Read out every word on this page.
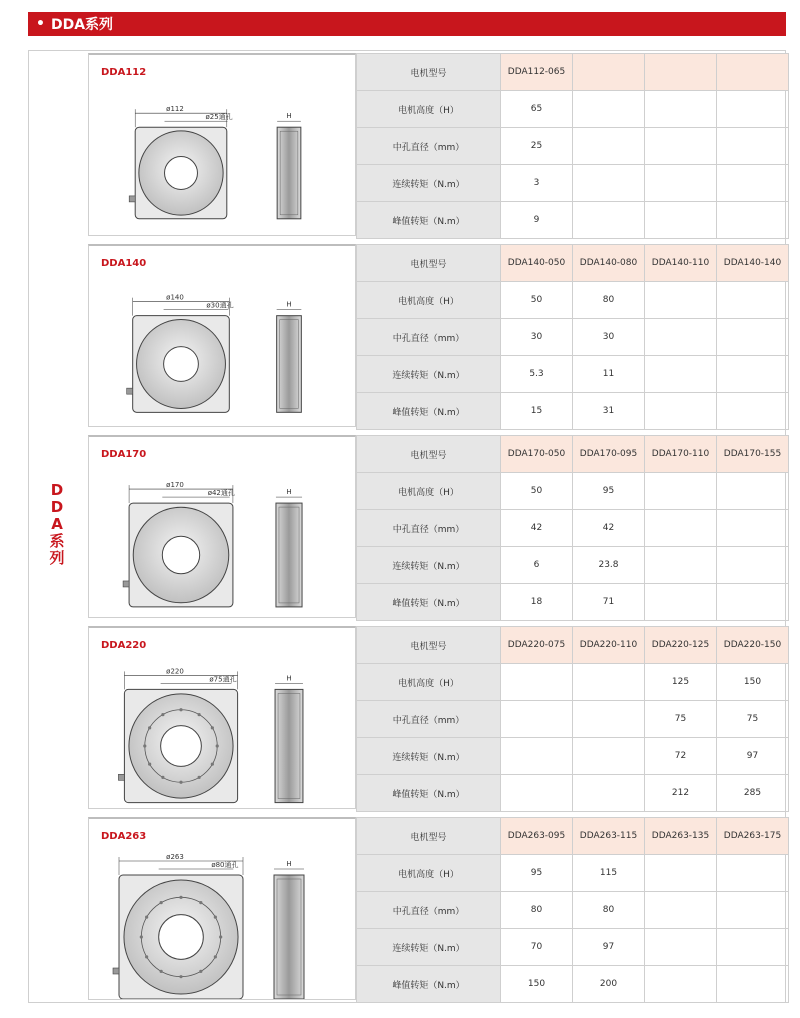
• DDA系列
D
D
A
系
列
DDA112
ø112
ø25通孔	H
电机型号	DDA112-065			
电机高度（H）	65			
中孔直径（mm）	25			
连续转矩（N.m）	3			
峰值转矩（N.m）	9			
DDA140
ø140
ø30通孔	H
电机型号	DDA140-050	DDA140-080	DDA140-110	DDA140-140
电机高度（H）	50	80		
中孔直径（mm）	30	30		
连续转矩（N.m）	5.3	11		
峰值转矩（N.m）	15	31		
DDA170
ø170
ø42通孔	H
电机型号	DDA170-050	DDA170-095	DDA170-110	DDA170-155
电机高度（H）	50	95		
中孔直径（mm）	42	42		
连续转矩（N.m）	6	23.8		
峰值转矩（N.m）	18	71		
DDA220
ø220
ø75通孔	H
电机型号	DDA220-075	DDA220-110	DDA220-125	DDA220-150
电机高度（H）			125	150
中孔直径（mm）			75	75
连续转矩（N.m）			72	97
峰值转矩（N.m）			212	285
DDA263
ø263
ø80通孔	H
电机型号	DDA263-095	DDA263-115	DDA263-135	DDA263-175
电机高度（H）	95	115		
中孔直径（mm）	80	80		
连续转矩（N.m）	70	97		
峰值转矩（N.m）	150	200		
